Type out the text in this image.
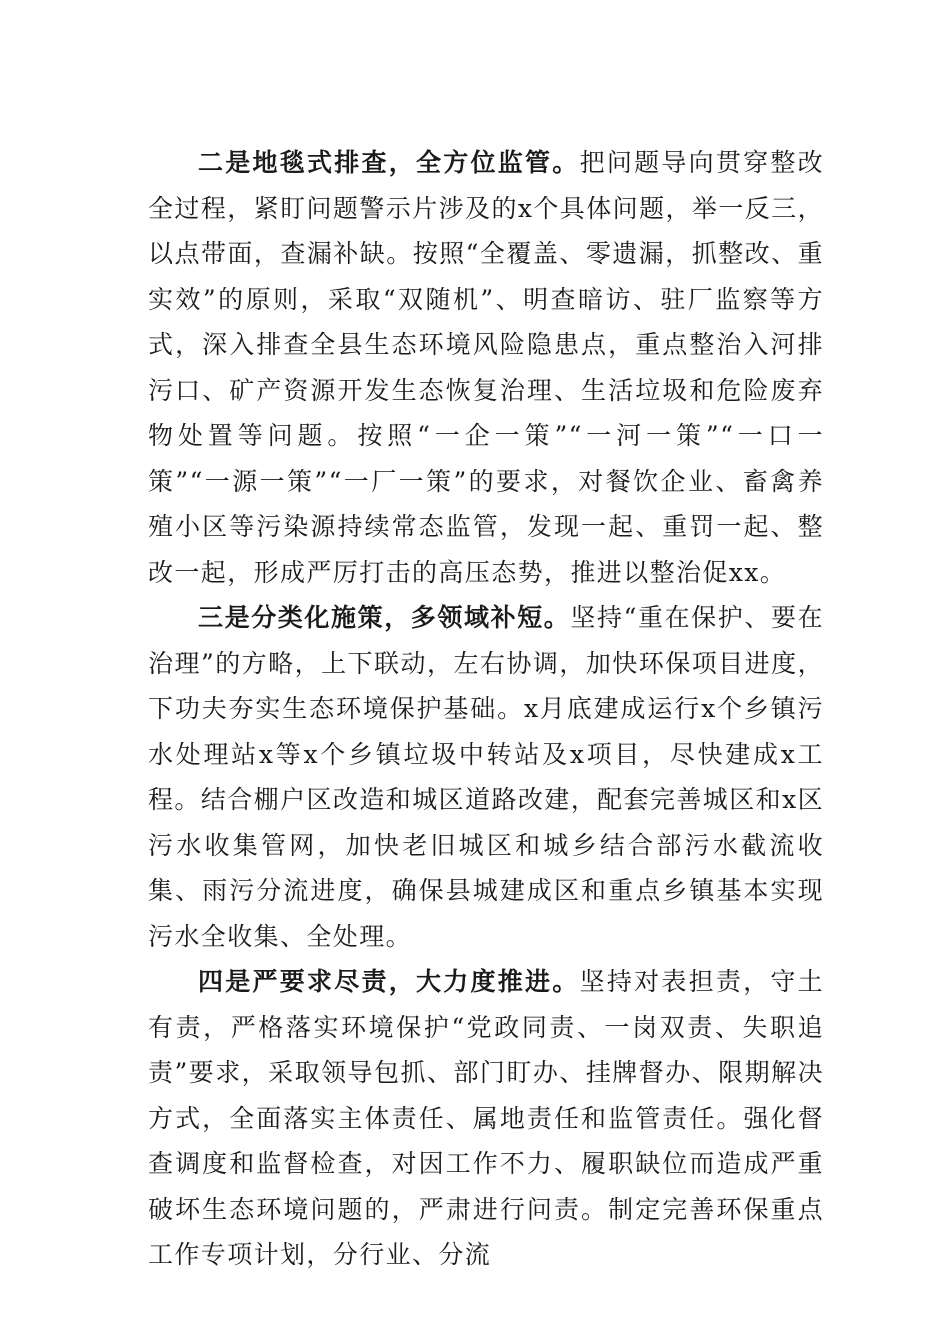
二是地毯式排查，全方位监管。把问题导向贯穿整改全过程，紧盯问题警示片涉及的x个具体问题，举一反三，以点带面，查漏补缺。按照“全覆盖、零遗漏，抓整改、重实效”的原则，采取“双随机”、明查暗访、驻厂监察等方式，深入排查全县生态环境风险隐患点，重点整治入河排污口、矿产资源开发生态恢复治理、生活垃圾和危险废弃物处置等问题。按照“一企一策”“一河一策”“一口一策”“一源一策”“一厂一策”的要求，对餐饮企业、畜禽养殖小区等污染源持续常态监管，发现一起、重罚一起、整改一起，形成严厉打击的高压态势，推进以整治促xx。

三是分类化施策，多领域补短。坚持“重在保护、要在治理”的方略，上下联动，左右协调，加快环保项目进度，下功夫夯实生态环境保护基础。x月底建成运行x个乡镇污水处理站x等x个乡镇垃圾中转站及x项目，尽快建成x工程。结合棚户区改造和城区道路改建，配套完善城区和x区污水收集管网，加快老旧城区和城乡结合部污水截流收集、雨污分流进度，确保县城建成区和重点乡镇基本实现污水全收集、全处理。

四是严要求尽责，大力度推进。坚持对表担责，守土有责，严格落实环境保护“党政同责、一岗双责、失职追责”要求，采取领导包抓、部门盯办、挂牌督办、限期解决方式，全面落实主体责任、属地责任和监管责任。强化督查调度和监督检查，对因工作不力、履职缺位而造成严重破坏生态环境问题的，严肃进行问责。制定完善环保重点工作专项计划，分行业、分流
